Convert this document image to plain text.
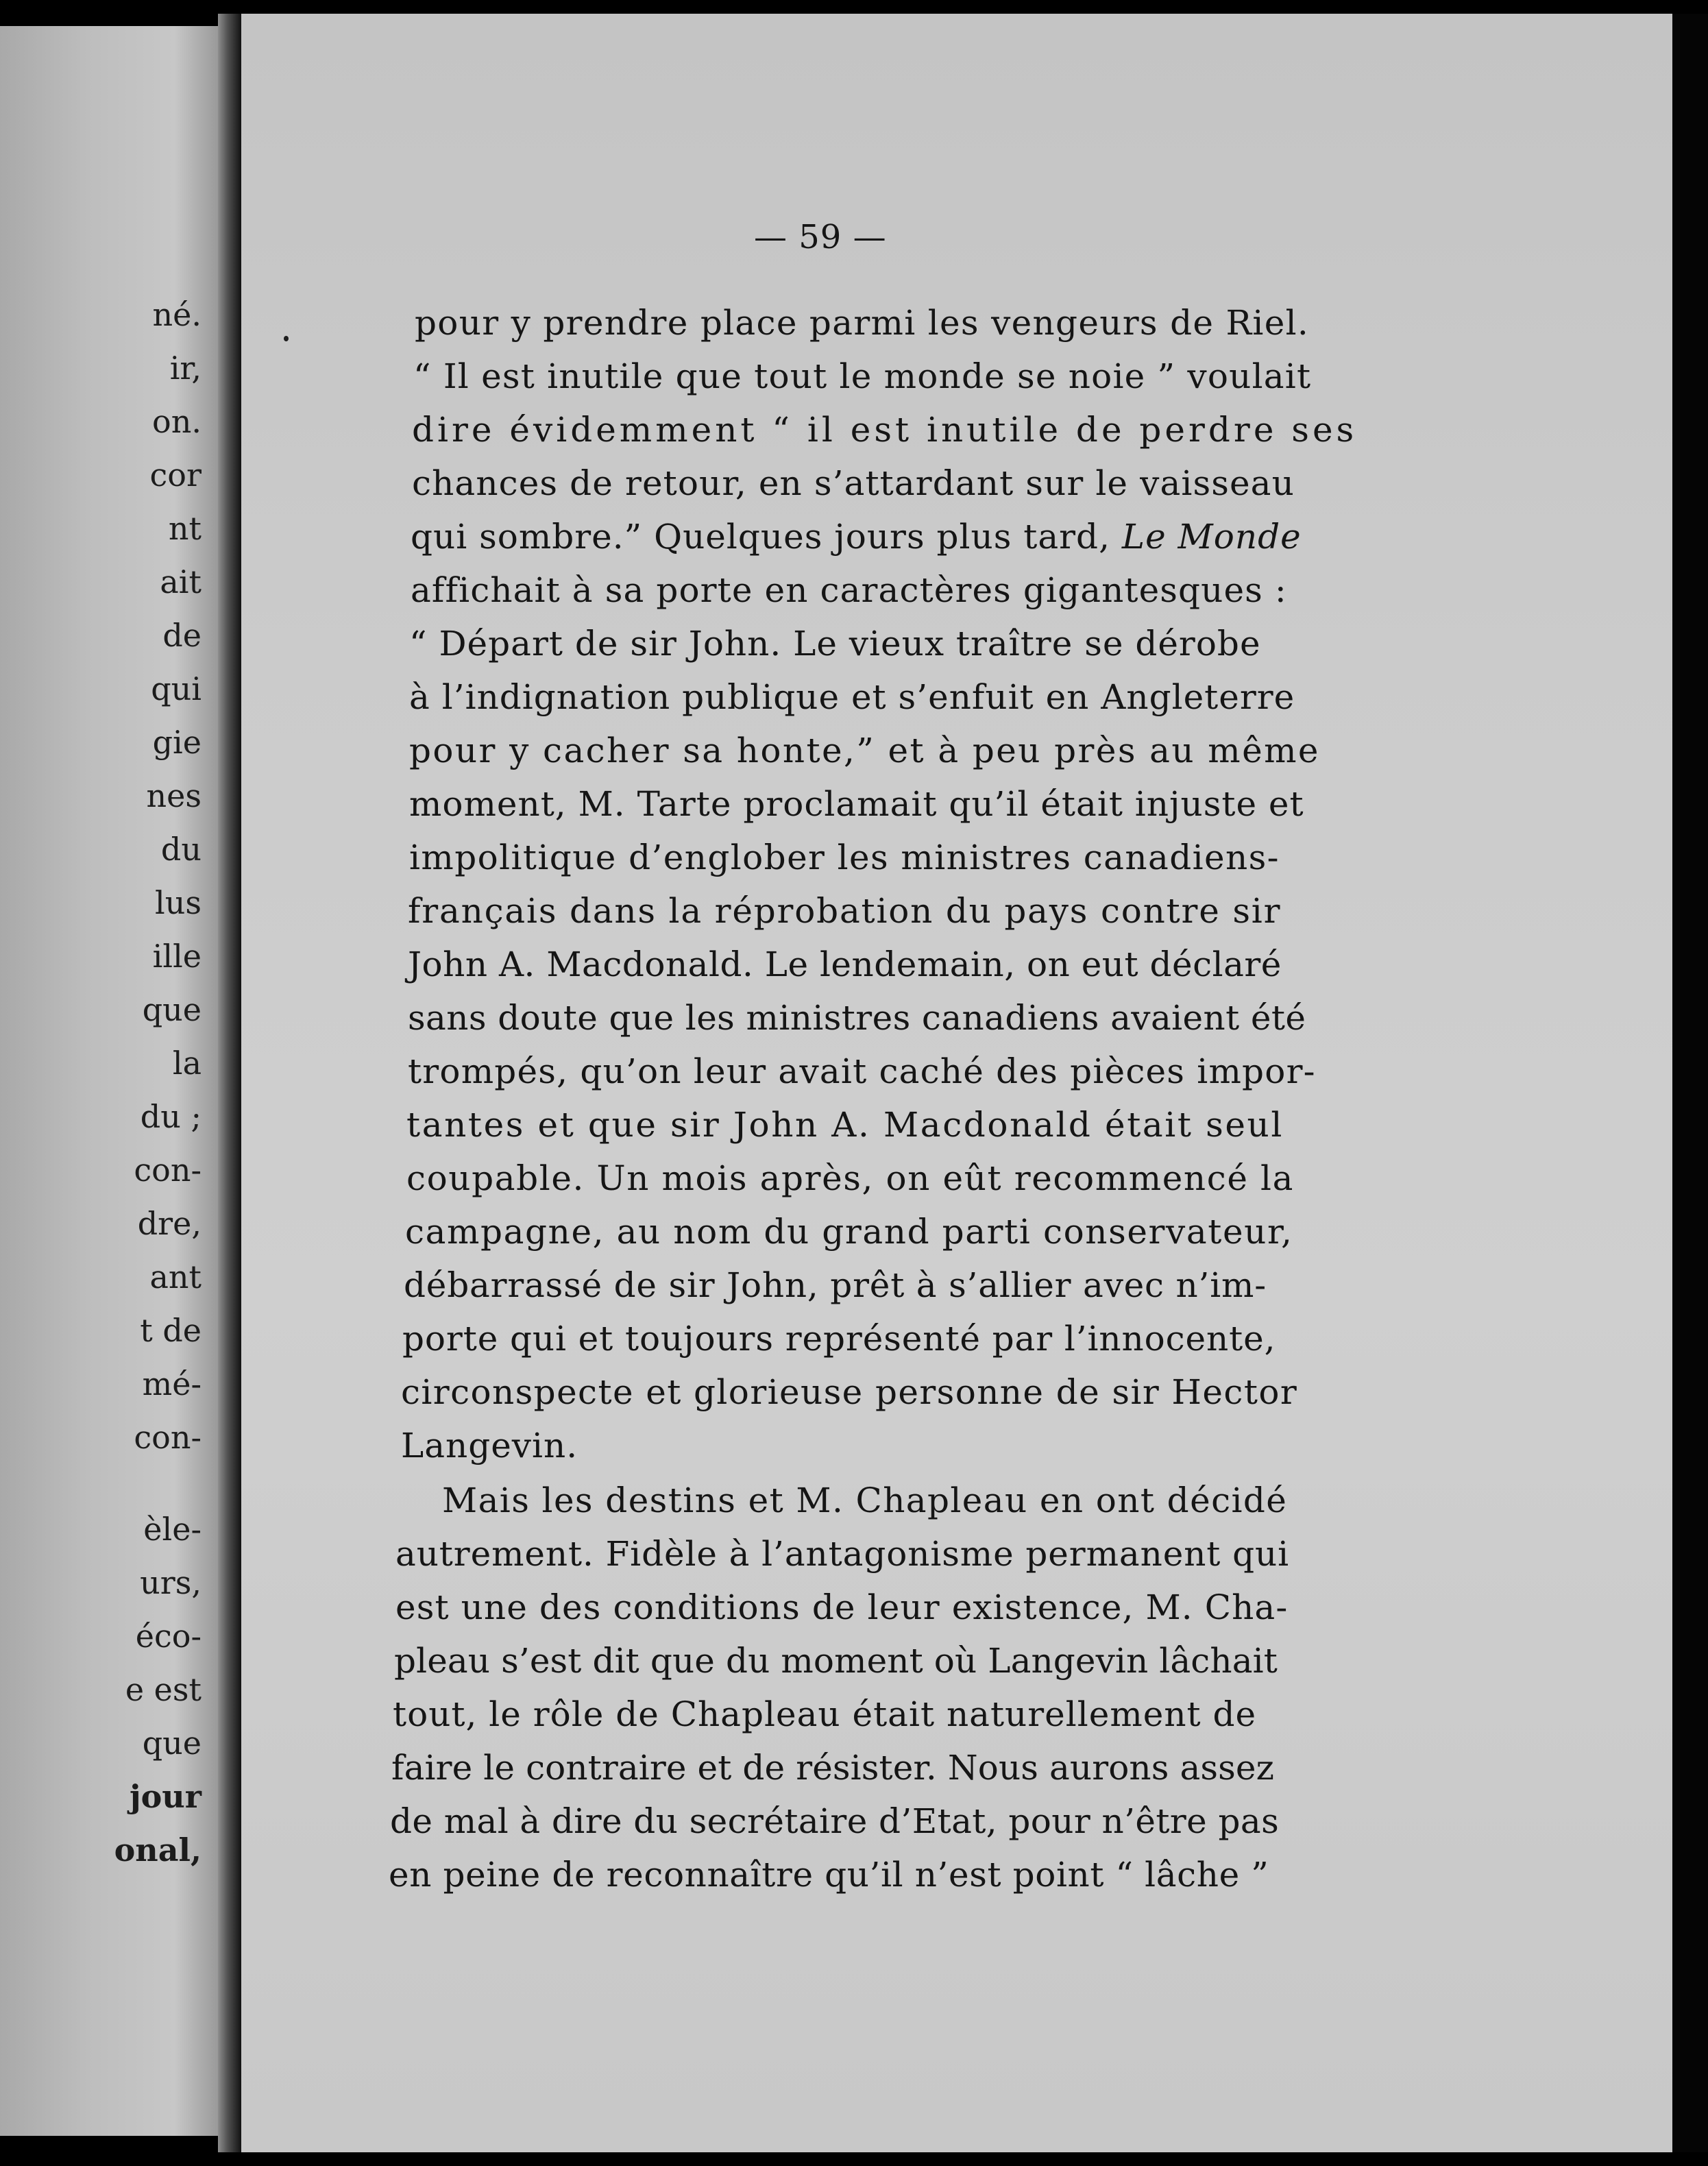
né.

ir,

on.

cor

nt

ait

de

qui

gie

nes

du

lus

ille

que

la

du ;

con-

dre,

ant

t de

mé-

con-

èle-

urs,

éco-

e est

que

jour

onal,

— 59 —

pour y prendre place parmi les vengeurs de Riel.

“ Il est inutile que tout le monde se noie ” voulait

dire évidemment “ il est inutile de perdre ses

chances de retour, en s’attardant sur le vaisseau

qui sombre.” Quelques jours plus tard, Le Monde

affichait à sa porte en caractères gigantesques :

“ Départ de sir John. Le vieux traître se dérobe

à l’indignation publique et s’enfuit en Angleterre

pour y cacher sa honte,” et à peu près au même

moment, M. Tarte proclamait qu’il était injuste et

impolitique d’englober les ministres canadiens-

français dans la réprobation du pays contre sir

John A. Macdonald. Le lendemain, on eut déclaré

sans doute que les ministres canadiens avaient été

trompés, qu’on leur avait caché des pièces impor-

tantes et que sir John A. Macdonald était seul

coupable. Un mois après, on eût recommencé la

campagne, au nom du grand parti conservateur,

débarrassé de sir John, prêt à s’allier avec n’im-

porte qui et toujours représenté par l’innocente,

circonspecte et glorieuse personne de sir Hector

Langevin.

Mais les destins et M. Chapleau en ont décidé

autrement. Fidèle à l’antagonisme permanent qui

est une des conditions de leur existence, M. Cha-

pleau s’est dit que du moment où Langevin lâchait

tout, le rôle de Chapleau était naturellement de

faire le contraire et de résister. Nous aurons assez

de mal à dire du secrétaire d’Etat, pour n’être pas

en peine de reconnaître qu’il n’est point “ lâche ”
